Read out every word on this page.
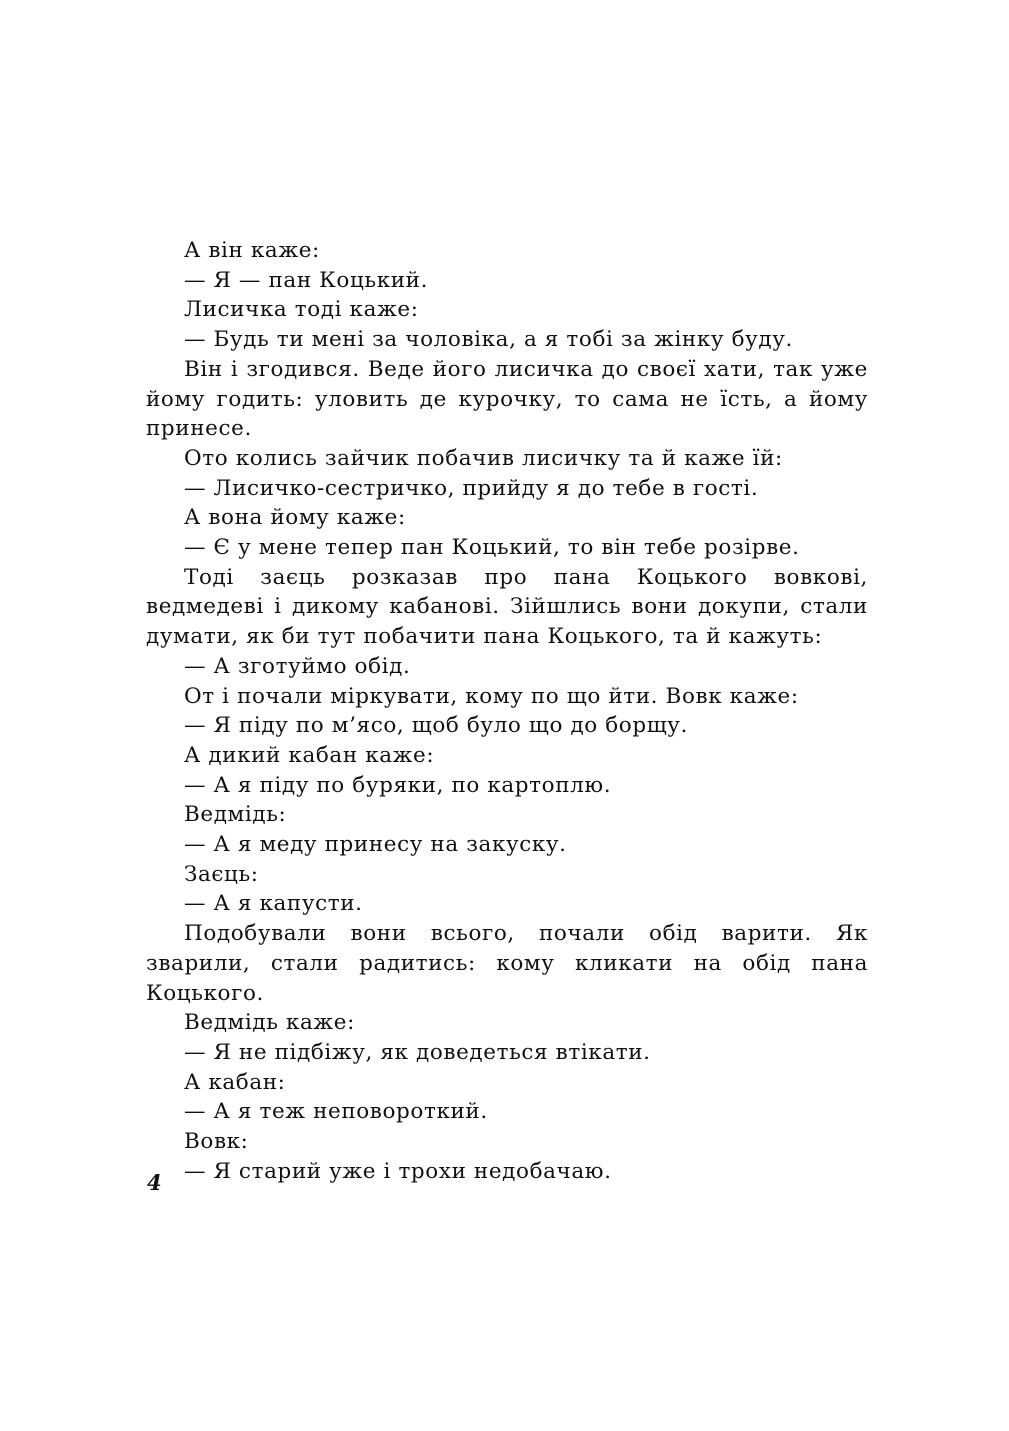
А він каже:

— Я — пан Коцький.

Лисичка тоді каже:

— Будь ти мені за чоловіка, а я тобі за жінку буду.

Він і згодився. Веде його лисичка до своєї хати, так уже йому годить: уловить де курочку, то сама не їсть, а йому принесе.

Ото колись зайчик побачив лисичку та й каже їй:

— Лисичко-сестричко, прийду я до тебе в гості.

А вона йому каже:

— Є у мене тепер пан Коцький, то він тебе розірве.

Тоді заєць розказав про пана Коцького вовкові, ведмедеві і дикому кабанові. Зійшлись вони докупи, стали думати, як би тут побачити пана Коцького, та й кажуть:

— А зготуймо обід.

От і почали міркувати, кому по що йти. Вовк каже:

— Я піду по м’ясо, щоб було що до борщу.

А дикий кабан каже:

— А я піду по буряки, по картоплю.

Ведмідь:

— А я меду принесу на закуску.

Заєць:

— А я капусти.

Подобували вони всього, почали обід варити. Як зварили, стали радитись: кому кликати на обід пана Коцького.

Ведмідь каже:

— Я не підбіжу, як доведеться втікати.

А кабан:

— А я теж неповороткий.

Вовк:

— Я старий уже і трохи недобачаю.

4
